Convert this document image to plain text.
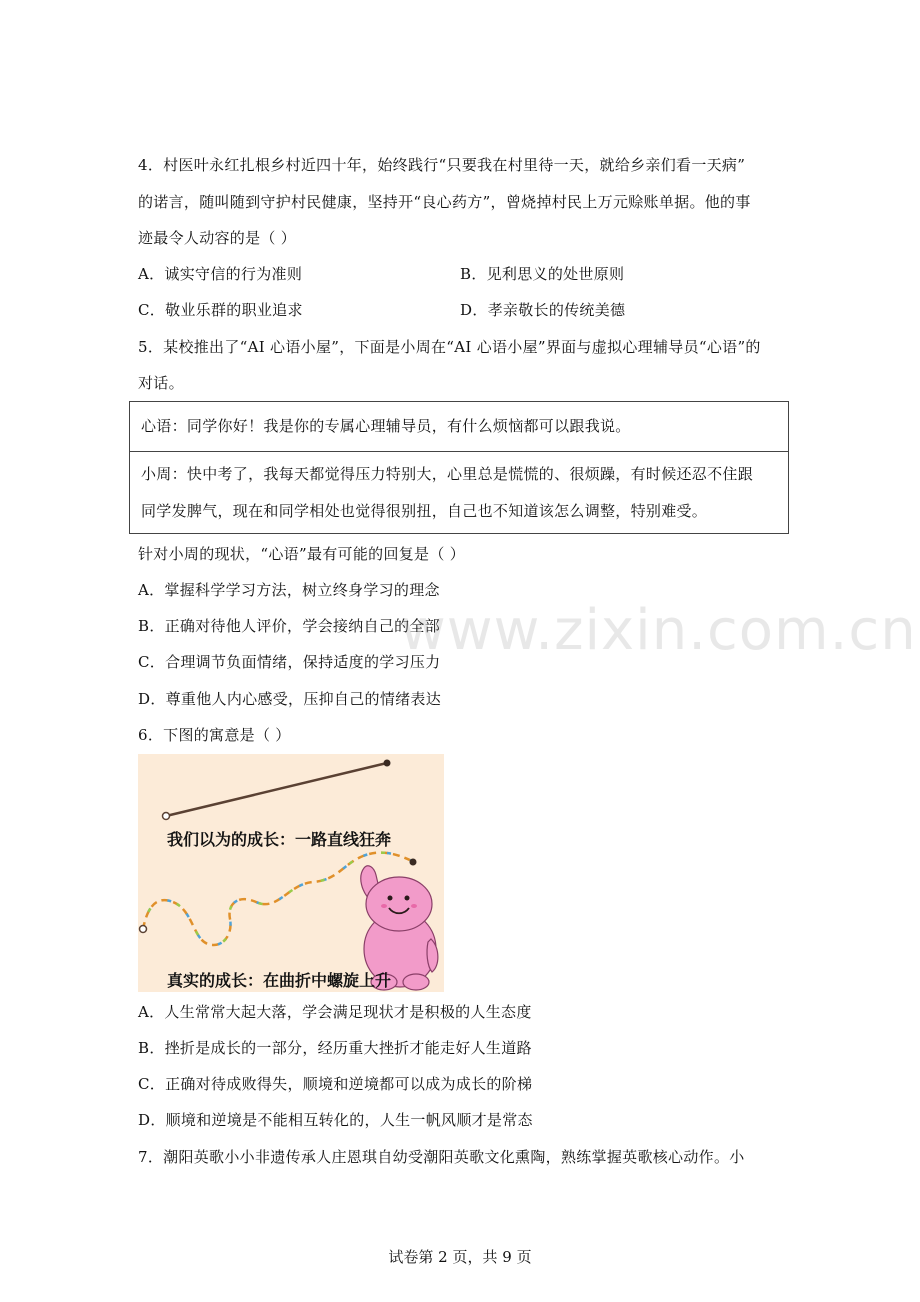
4．村医叶永红扎根乡村近四十年，始终践行“只要我在村里待一天，就给乡亲们看一天病”
的诺言，随叫随到守护村民健康，坚持开“良心药方”，曾烧掉村民上万元赊账单据。他的事
迹最令人动容的是（ ）
A．诚实守信的行为准则	B．见利思义的处世原则
C．敬业乐群的职业追求	D．孝亲敬长的传统美德
5．某校推出了“AI 心语小屋”，下面是小周在“AI 心语小屋”界面与虚拟心理辅导员“心语”的
对话。
心语：同学你好！我是你的专属心理辅导员，有什么烦恼都可以跟我说。
小周：快中考了，我每天都觉得压力特别大，心里总是慌慌的、很烦躁，有时候还忍不住跟
同学发脾气，现在和同学相处也觉得很别扭，自己也不知道该怎么调整，特别难受。
针对小周的现状，“心语”最有可能的回复是（ ）
A．掌握科学学习方法，树立终身学习的理念
B．正确对待他人评价，学会接纳自己的全部
C．合理调节负面情绪，保持适度的学习压力
D．尊重他人内心感受，压抑自己的情绪表达
www.zixin.com.cn
6．下图的寓意是（ ）
我们以为的成长：一路直线狂奔
真实的成长：在曲折中螺旋上升
A．人生常常大起大落，学会满足现状才是积极的人生态度
B．挫折是成长的一部分，经历重大挫折才能走好人生道路
C．正确对待成败得失，顺境和逆境都可以成为成长的阶梯
D．顺境和逆境是不能相互转化的，人生一帆风顺才是常态
7．潮阳英歌小小非遗传承人庄恩琪自幼受潮阳英歌文化熏陶，熟练掌握英歌核心动作。小
试卷第 2 页，共 9 页
